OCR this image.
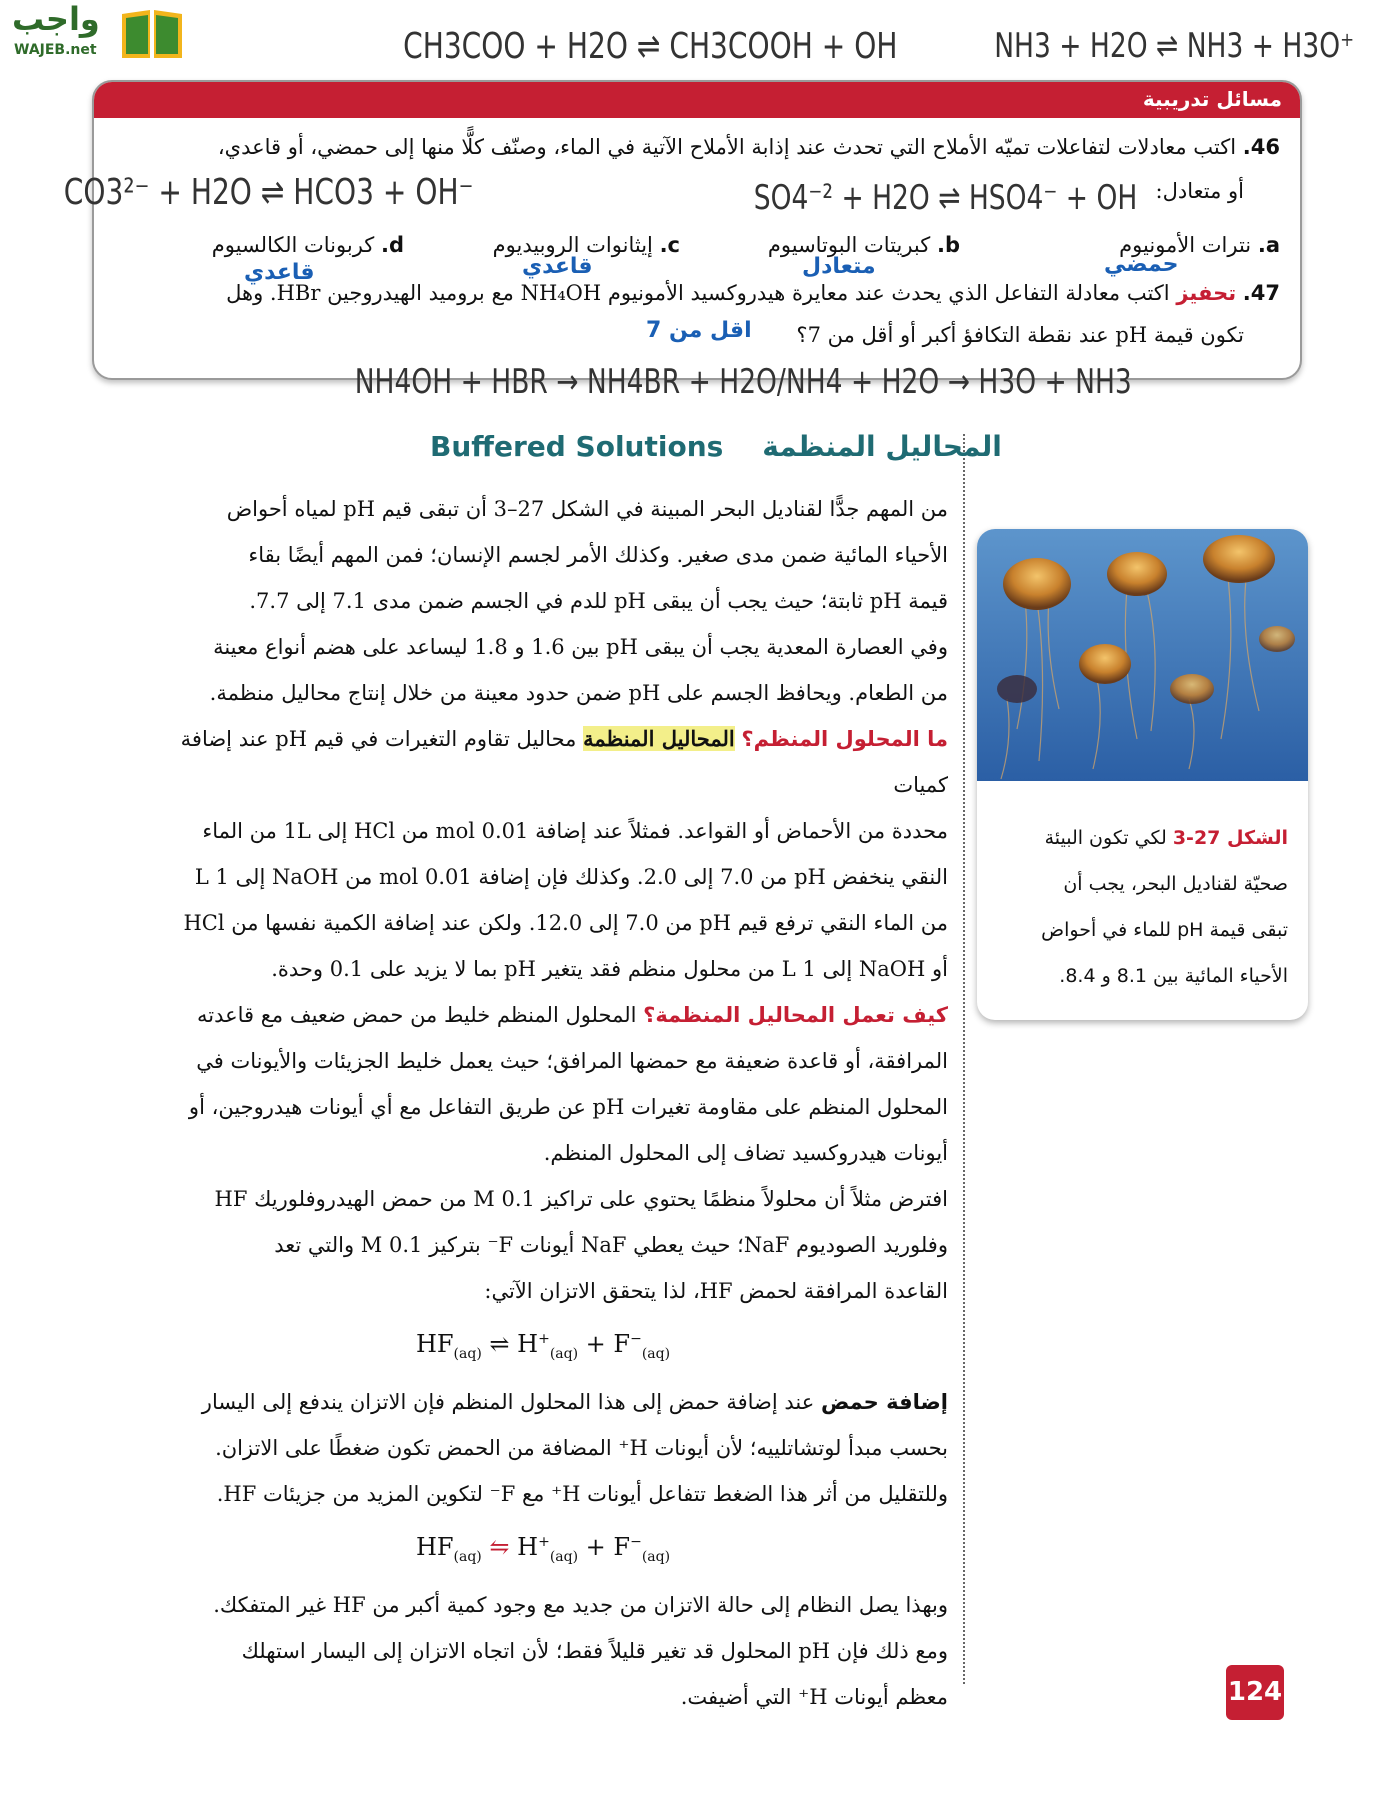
واجب
WAJEB.net	CH3COO + H2O ⇌ CH3COOH + OH	NH3 + H2O ⇌ NH3 + H3O⁺
مسائل تدريبية
46. اكتب معادلات لتفاعلات تميّه الأملاح التي تحدث عند إذابة الأملاح الآتية في الماء، وصنّف كلًّا منها إلى حمضي، أو قاعدي،
أو متعادل:
a. نترات الأمونيوم
b. كبريتات البوتاسيوم
c. إيثانوات الروبيديوم
d. كربونات الكالسيوم
حمضي
متعادل
قاعدي
قاعدي
47. تحفيز اكتب معادلة التفاعل الذي يحدث عند معايرة هيدروكسيد الأمونيوم NH₄OH مع بروميد الهيدروجين HBr. وهل
تكون قيمة pH عند نقطة التكافؤ أكبر أو أقل من 7؟
اقل من 7
CO3²⁻ + H2O ⇌ HCO3 + OH⁻	SO4⁻² + H2O ⇌ HSO4⁻ + OH
NH4OH + HBR → NH4BR + H2O/NH4 + H2O → H3O + NH3
Buffered Solutions المحاليل المنظمة
من المهم جدًّا لقناديل البحر المبينة في الشكل 27–3 أن تبقى قيم pH لمياه أحواض
الأحياء المائية ضمن مدى صغير. وكذلك الأمر لجسم الإنسان؛ فمن المهم أيضًا بقاء
قيمة pH ثابتة؛ حيث يجب أن يبقى pH للدم في الجسم ضمن مدى 7.1 إلى 7.7.
وفي العصارة المعدية يجب أن يبقى pH بين 1.6 و 1.8 ليساعد على هضم أنواع معينة
من الطعام. ويحافظ الجسم على pH ضمن حدود معينة من خلال إنتاج محاليل منظمة.
ما المحلول المنظم؟ المحاليل المنظمة محاليل تقاوم التغيرات في قيم pH عند إضافة كميات
محددة من الأحماض أو القواعد. فمثلاً عند إضافة 0.01 mol من HCl إلى 1L من الماء
النقي ينخفض pH من 7.0 إلى 2.0. وكذلك فإن إضافة 0.01 mol من NaOH إلى 1 L
من الماء النقي ترفع قيم pH من 7.0 إلى 12.0. ولكن عند إضافة الكمية نفسها من HCl
أو NaOH إلى 1 L من محلول منظم فقد يتغير pH بما لا يزيد على 0.1 وحدة.
كيف تعمل المحاليل المنظمة؟ المحلول المنظم خليط من حمض ضعيف مع قاعدته
المرافقة، أو قاعدة ضعيفة مع حمضها المرافق؛ حيث يعمل خليط الجزيئات والأيونات في
المحلول المنظم على مقاومة تغيرات pH عن طريق التفاعل مع أي أيونات هيدروجين، أو
أيونات هيدروكسيد تضاف إلى المحلول المنظم.
افترض مثلاً أن محلولاً منظمًا يحتوي على تراكيز 0.1 M من حمض الهيدروفلوريك HF
وفلوريد الصوديوم NaF؛ حيث يعطي NaF أيونات F⁻ بتركيز 0.1 M والتي تعد
القاعدة المرافقة لحمض HF، لذا يتحقق الاتزان الآتي:
$HF_{(aq)}$ ⇌ $H^+_{(aq)} + F^-_{(aq)}$
إضافة حمض عند إضافة حمض إلى هذا المحلول المنظم فإن الاتزان يندفع إلى اليسار
بحسب مبدأ لوتشاتلييه؛ لأن أيونات H⁺ المضافة من الحمض تكون ضغطًا على الاتزان.
وللتقليل من أثر هذا الضغط تتفاعل أيونات H⁺ مع F⁻ لتكوين المزيد من جزيئات HF.
$HF_{(aq)}$ ⇋ $H^+_{(aq)} + F^-_{(aq)}$
وبهذا يصل النظام إلى حالة الاتزان من جديد مع وجود كمية أكبر من HF غير المتفكك.
ومع ذلك فإن pH المحلول قد تغير قليلاً فقط؛ لأن اتجاه الاتزان إلى اليسار استهلك
معظم أيونات H⁺ التي أضيفت.
الشكل 27-3 لكي تكون البيئة
صحيّة لقناديل البحر، يجب أن
تبقى قيمة pH للماء في أحواض
الأحياء المائية بين 8.1 و 8.4.
124
